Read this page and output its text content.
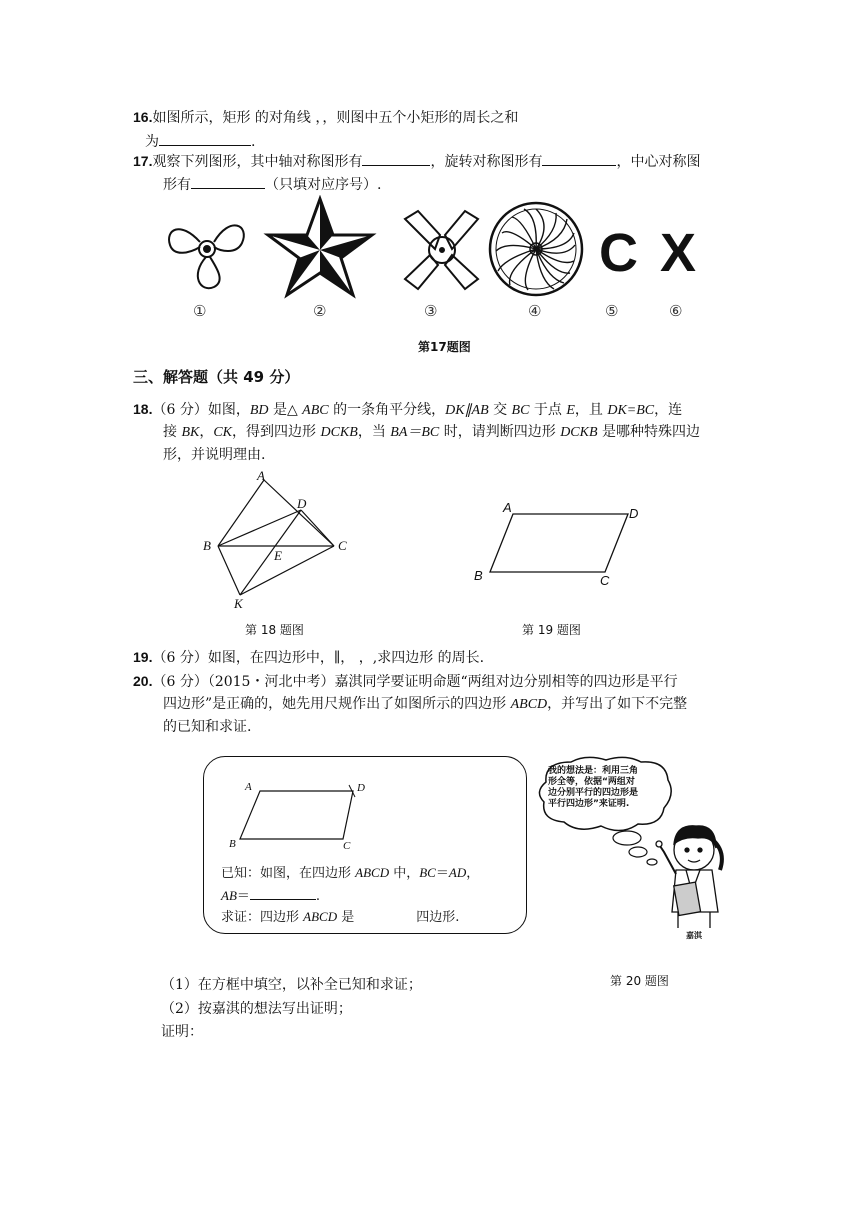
16.如图所示，矩形 的对角线 ，，则图中五个小矩形的周长之和
为	.
17.观察下列图形，其中轴对称图形有	，旋转对称图形有	，中心对称图
形有	（只填对应序号）.
C X
①	②	③	④	⑤	⑥
第17题图
三、解答题（共 49 分）
18.（6 分）如图，BD 是△ ABC 的一条角平分线，DK∥AB 交 BC 于点 E，且 DK=BC，连
接 BK，CK，得到四边形 DCKB，当 BA＝BC 时，请判断四边形 DCKB 是哪种特殊四边
形，并说明理由.
A
B	C
D
E
K
第 18 题图
A	D
B	C
第 19 题图
19.（6 分）如图，在四边形中，∥， ，,求四边形 的周长.
20.（6 分）（2015・河北中考）嘉淇同学要证明命题“两组对边分别相等的四边形是平行
四边形”是正确的，她先用尺规作出了如图所示的四边形 ABCD，并写出了如下不完整
的已知和求证.
A	D
B	C
已知：如图，在四边形 ABCD 中，BC＝AD，
AB＝	.
求证：四边形 ABCD 是	四边形.
嘉淇
我的想法是：利用三角
形全等，依据“两组对
边分别平行的四边形是
平行四边形”来证明.
第 20 题图
（1）在方框中填空，以补全已知和求证；
（2）按嘉淇的想法写出证明；
证明：
